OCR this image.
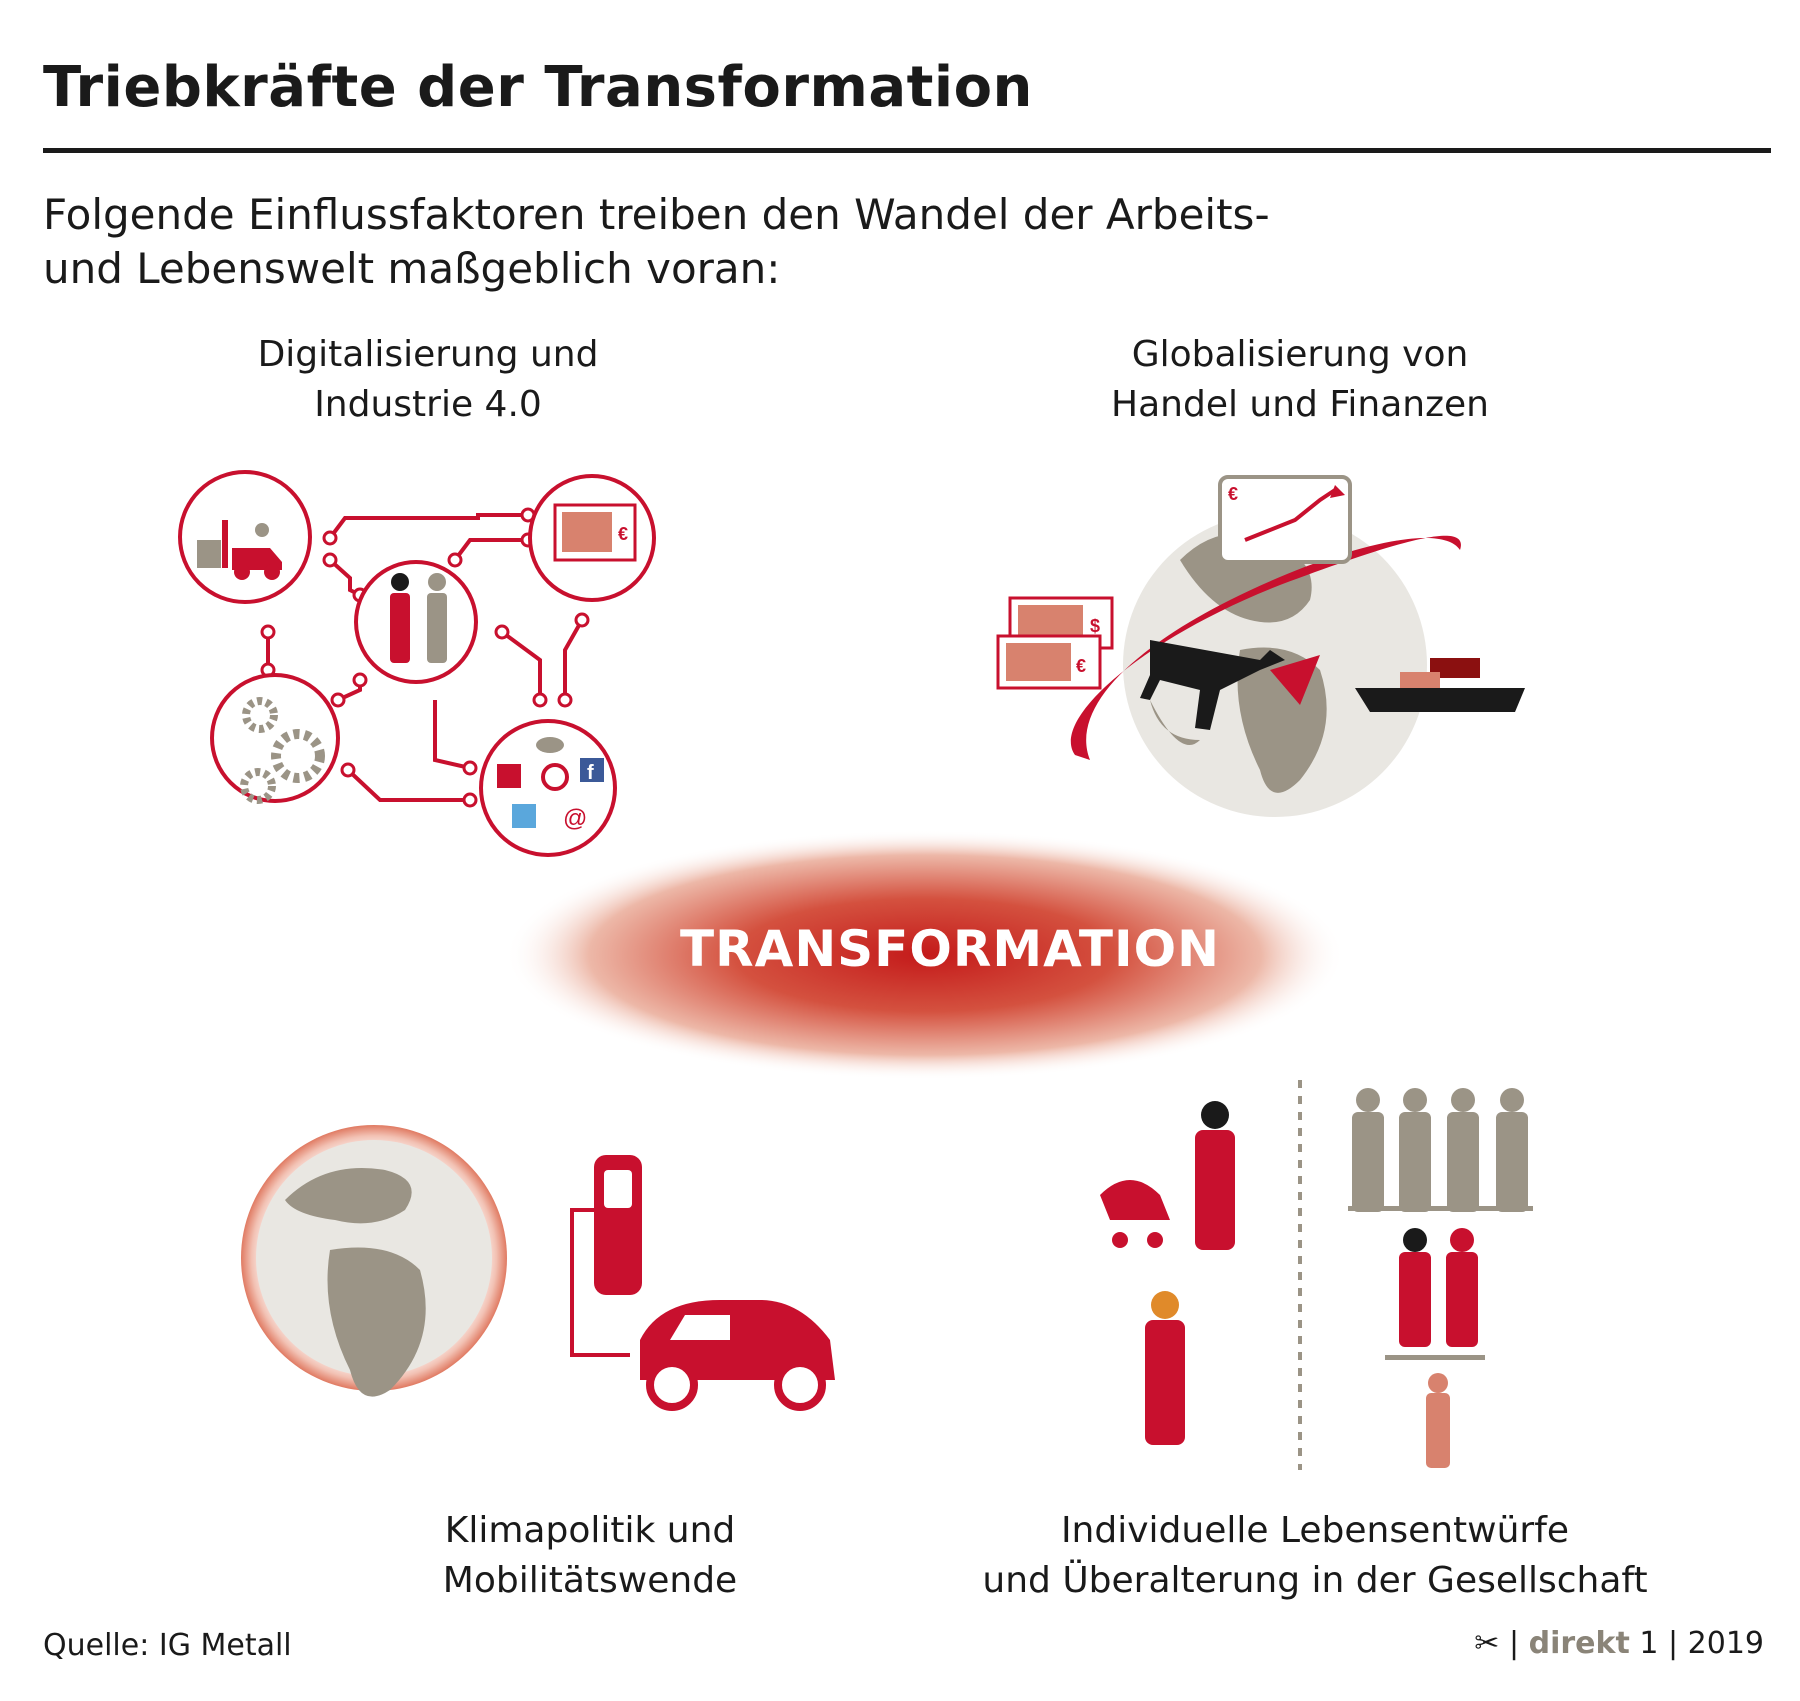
Triebkräfte der Transformation
Folgende Einflussfaktoren treiben den Wandel der Arbeits-
und Lebenswelt maßgeblich voran:
Digitalisierung und
Industrie 4.0
Globalisierung von
Handel und Finanzen
Klimapolitik und
Mobilitätswende
Individuelle Lebensentwürfe
und Überalterung in der Gesellschaft
TRANSFORMATION
€
f
@
€
$
€
Quelle: IG Metall	✂ | direkt 1 | 2019
